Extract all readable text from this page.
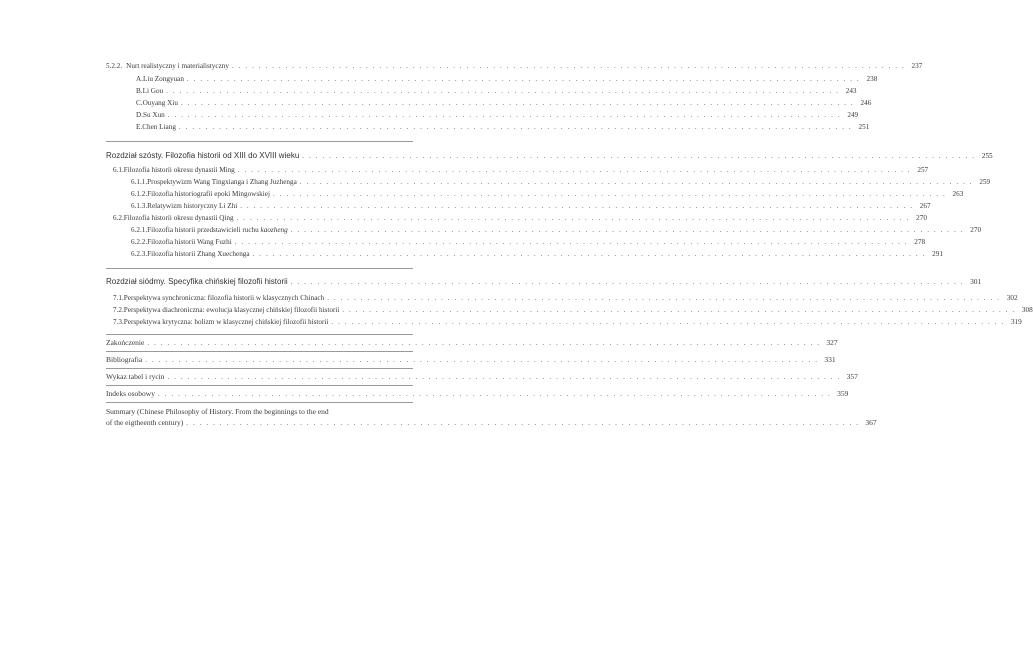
5.2.2. Nurt realistyczny i materialistyczny . . .	237
A. Liu Zongyuan . . .	238
B. Li Gou . . .	243
C. Ouyang Xiu . . .	246
D. Su Xun . . .	249
E. Chen Liang . . .	251
Rozdział szósty. Filozofia historii od XIII do XVIII wieku . . .	255
6.1. Filozofia historii okresu dynastii Ming . . .	257
6.1.1. Prospektywizm Wang Tingxianga i Zhang Juzhenga . . .	259
6.1.2. Filozofia historiografii epoki Mingowskiej . . .	263
6.1.3. Relatywizm historyczny Li Zhi . . .	267
6.2. Filozofia historii okresu dynastii Qing . . .	270
6.2.1. Filozofia historii przedstawicieli ruchu kaozheng . . .	270
6.2.2. Filozofia historii Wang Fuzhi . . .	278
6.2.3. Filozofia historii Zhang Xuechenga . . .	291
Rozdział siódmy. Specyfika chińskiej filozofii historii . . .	301
7.1. Perspektywa synchroniczna: filozofia historii w klasycznych Chinach . . .	302
7.2. Perspektywa diachroniczna: ewolucja klasycznej chińskiej filozofii historii . . .	308
7.3. Perspektywa krytyczna: holizm w klasycznej chińskiej filozofii historii . . .	319
Zakończenie . . .	327
Bibliografia . . .	331
Wykaz tabel i rycin . . .	357
Indeks osobowy . . .	359
Summary (Chinese Philosophy of History. From the beginnings to the end
of the eigtheenth century) . . .	367
